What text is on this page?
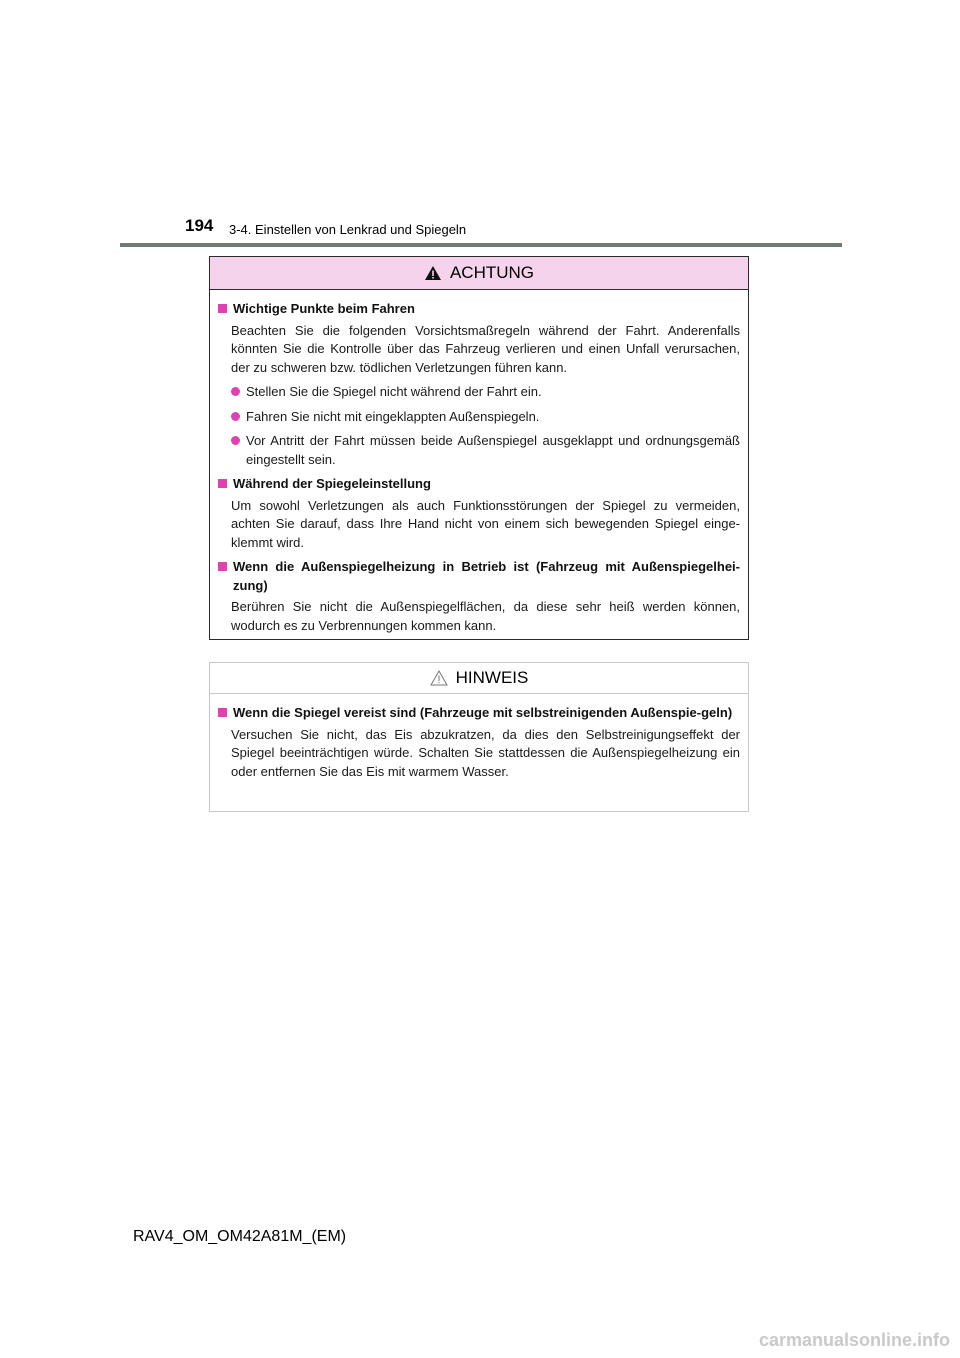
194 3-4. Einstellen von Lenkrad und Spiegeln
ACHTUNG
Wichtige Punkte beim Fahren
Beachten Sie die folgenden Vorsichtsmaßregeln während der Fahrt. Anderenfalls könnten Sie die Kontrolle über das Fahrzeug verlieren und einen Unfall verursachen, der zu schweren bzw. tödlichen Verletzungen führen kann.
Stellen Sie die Spiegel nicht während der Fahrt ein.
Fahren Sie nicht mit eingeklappten Außenspiegeln.
Vor Antritt der Fahrt müssen beide Außenspiegel ausgeklappt und ordnungsgemäß eingestellt sein.
Während der Spiegeleinstellung
Um sowohl Verletzungen als auch Funktionsstörungen der Spiegel zu vermeiden, achten Sie darauf, dass Ihre Hand nicht von einem sich bewegenden Spiegel einge-klemmt wird.
Wenn die Außenspiegelheizung in Betrieb ist (Fahrzeug mit Außenspiegelhei-zung)
Berühren Sie nicht die Außenspiegelflächen, da diese sehr heiß werden können, wodurch es zu Verbrennungen kommen kann.
HINWEIS
Wenn die Spiegel vereist sind (Fahrzeuge mit selbstreinigenden Außenspie-geln)
Versuchen Sie nicht, das Eis abzukratzen, da dies den Selbstreinigungseffekt der Spiegel beeinträchtigen würde. Schalten Sie stattdessen die Außenspiegelheizung ein oder entfernen Sie das Eis mit warmem Wasser.
RAV4_OM_OM42A81M_(EM)
carmanualsonline.info
